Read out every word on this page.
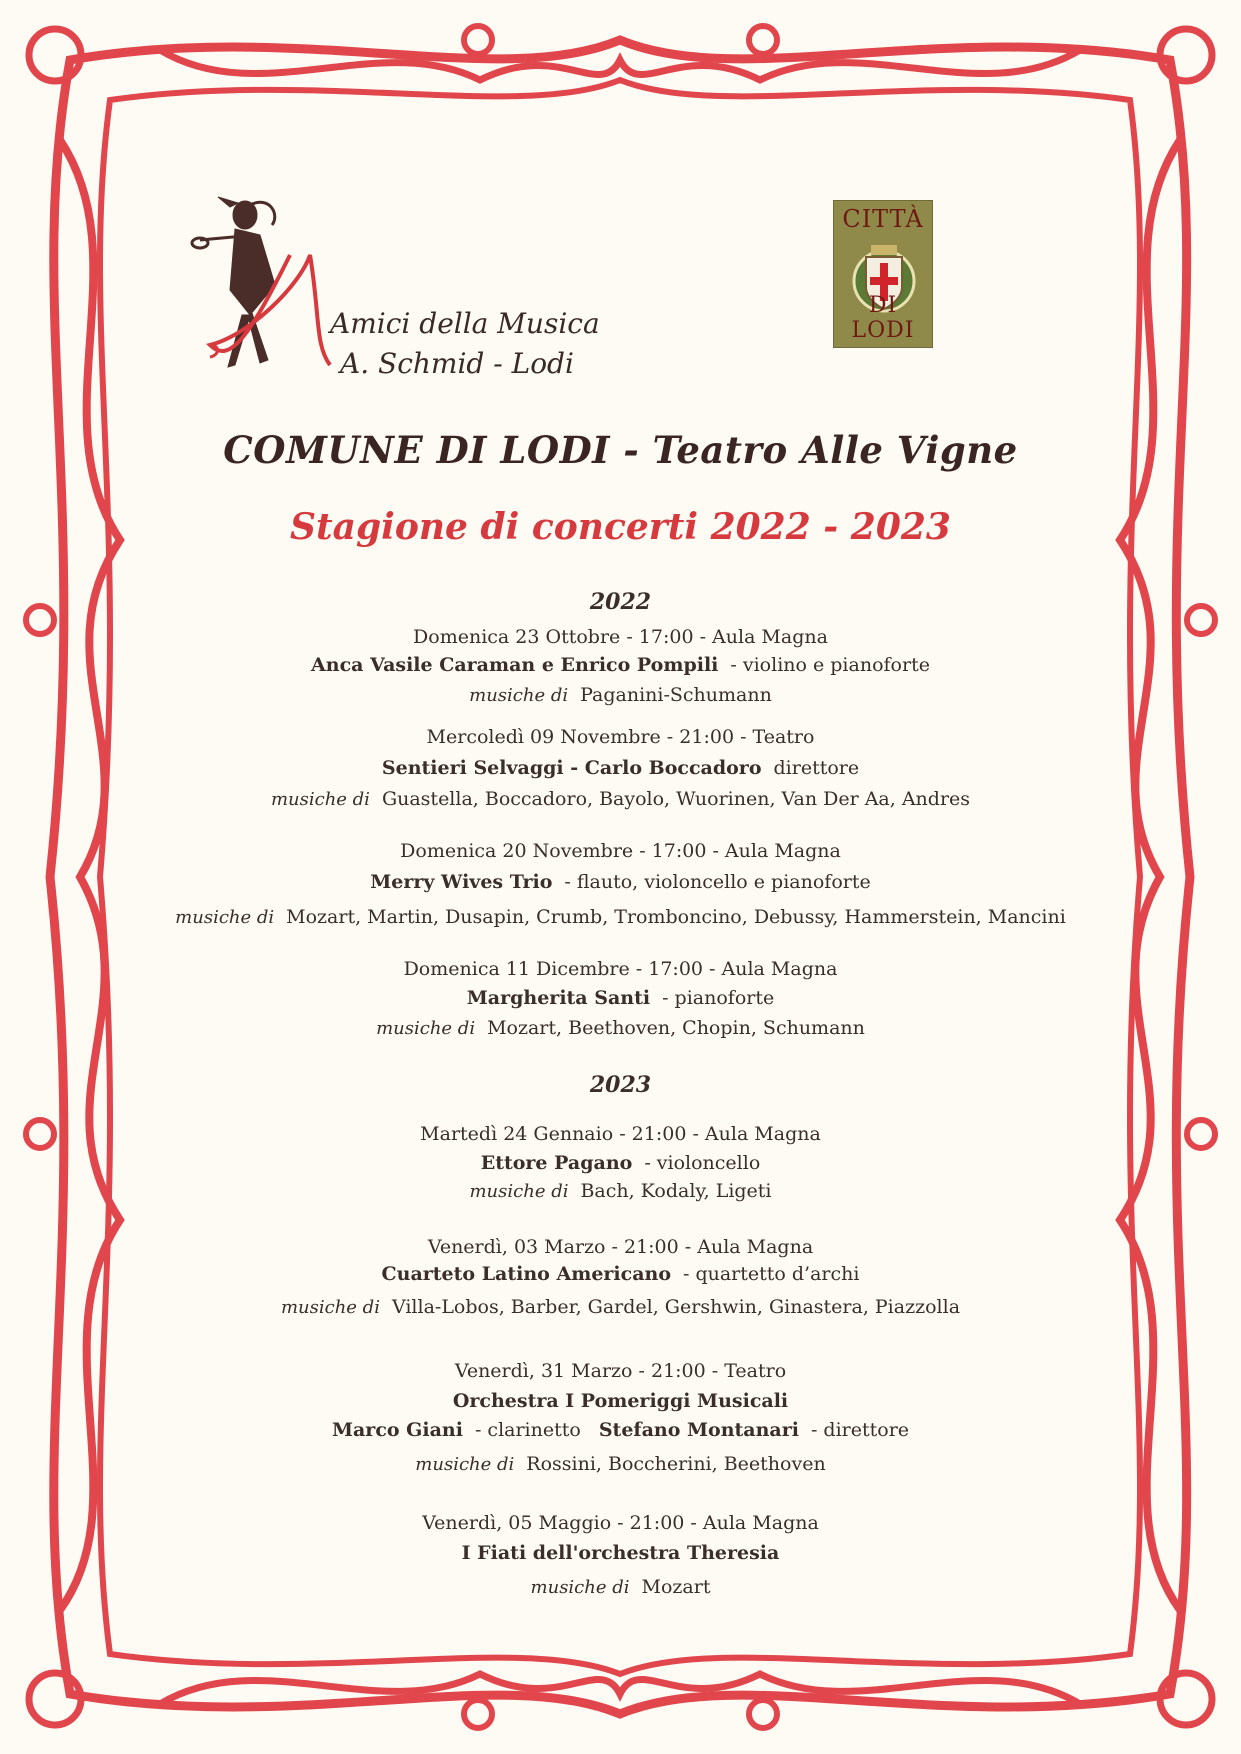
Amici della Musica
A. Schmid - Lodi
CITTÀ
DI LODI
COMUNE DI LODI - Teatro Alle Vigne
Stagione di concerti 2022 - 2023
2022
Domenica 23 Ottobre - 17:00 - Aula Magna
Anca Vasile Caraman e Enrico Pompili - violino e pianoforte
musiche di Paganini-Schumann
Mercoledì 09 Novembre - 21:00 - Teatro
Sentieri Selvaggi - Carlo Boccadoro direttore
musiche di Guastella, Boccadoro, Bayolo, Wuorinen, Van Der Aa, Andres
Domenica 20 Novembre - 17:00 - Aula Magna
Merry Wives Trio - flauto, violoncello e pianoforte
musiche di Mozart, Martin, Dusapin, Crumb, Tromboncino, Debussy, Hammerstein, Mancini
Domenica 11 Dicembre - 17:00 - Aula Magna
Margherita Santi - pianoforte
musiche di Mozart, Beethoven, Chopin, Schumann
2023
Martedì 24 Gennaio - 21:00 - Aula Magna
Ettore Pagano - violoncello
musiche di Bach, Kodaly, Ligeti
Venerdì, 03 Marzo - 21:00 - Aula Magna
Cuarteto Latino Americano - quartetto d’archi
musiche di Villa-Lobos, Barber, Gardel, Gershwin, Ginastera, Piazzolla
Venerdì, 31 Marzo - 21:00 - Teatro
Orchestra I Pomeriggi Musicali
Marco Giani - clarinetto Stefano Montanari - direttore
musiche di Rossini, Boccherini, Beethoven
Venerdì, 05 Maggio - 21:00 - Aula Magna
I Fiati dell'orchestra Theresia
musiche di Mozart
